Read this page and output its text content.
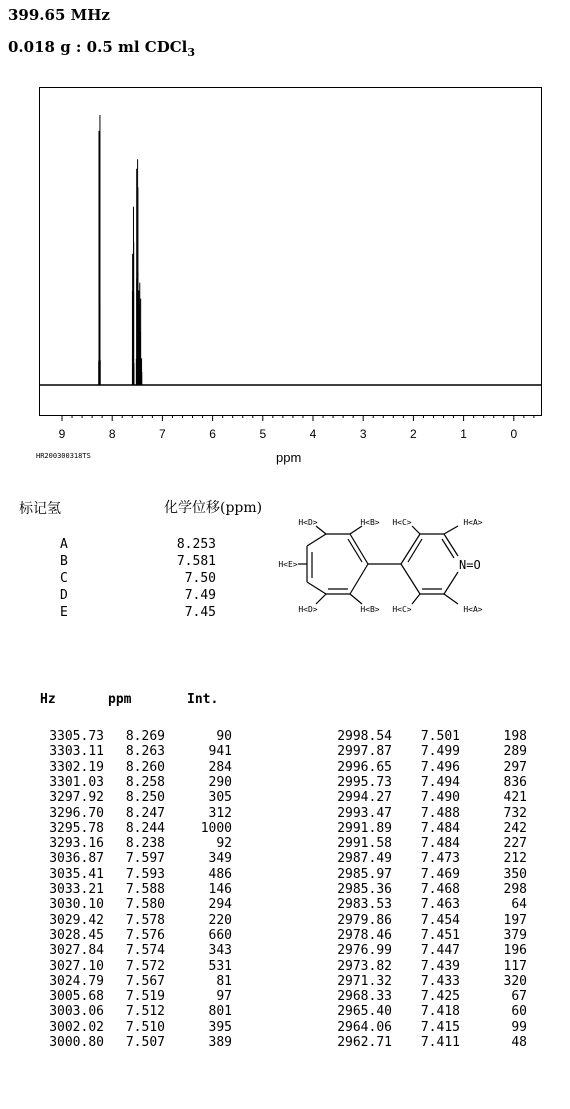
399.65 MHz
0.018 g : 0.5 ml CDCl$_3$
9	8	7	6	5	4	3	2	1	0
HR200300318TS	ppm
标记氢	化学位移(ppm)
A	8.253
B	7.581
C	7.50
D	7.49
E	7.45
H<D>	H<B> H<C>	H<A>
H<E>
H<D>	H<B> H<C>	H<A>
N=O
Hz	ppm	Int.
3305.73 8.269	90
3303.11 8.263	941
3302.19 8.260	284
3301.03 8.258	290
3297.92 8.250	305
3296.70 8.247	312
3295.78 8.244	1000
3293.16 8.238	92
3036.87 7.597	349
3035.41 7.593	486
3033.21 7.588	146
3030.10 7.580	294
3029.42 7.578	220
3028.45 7.576	660
3027.84 7.574	343
3027.10 7.572	531
3024.79 7.567	81
3005.68 7.519	97
3003.06 7.512	801
3002.02 7.510	395
3000.80 7.507	389
2998.54 7.501	198
2997.87 7.499	289
2996.65 7.496	297
2995.73 7.494	836
2994.27 7.490	421
2993.47 7.488	732
2991.89 7.484	242
2991.58 7.484	227
2987.49 7.473	212
2985.97 7.469	350
2985.36 7.468	298
2983.53 7.463	64
2979.86 7.454	197
2978.46 7.451	379
2976.99 7.447	196
2973.82 7.439	117
2971.32 7.433	320
2968.33 7.425	67
2965.40 7.418	60
2964.06 7.415	99
2962.71 7.411	48
